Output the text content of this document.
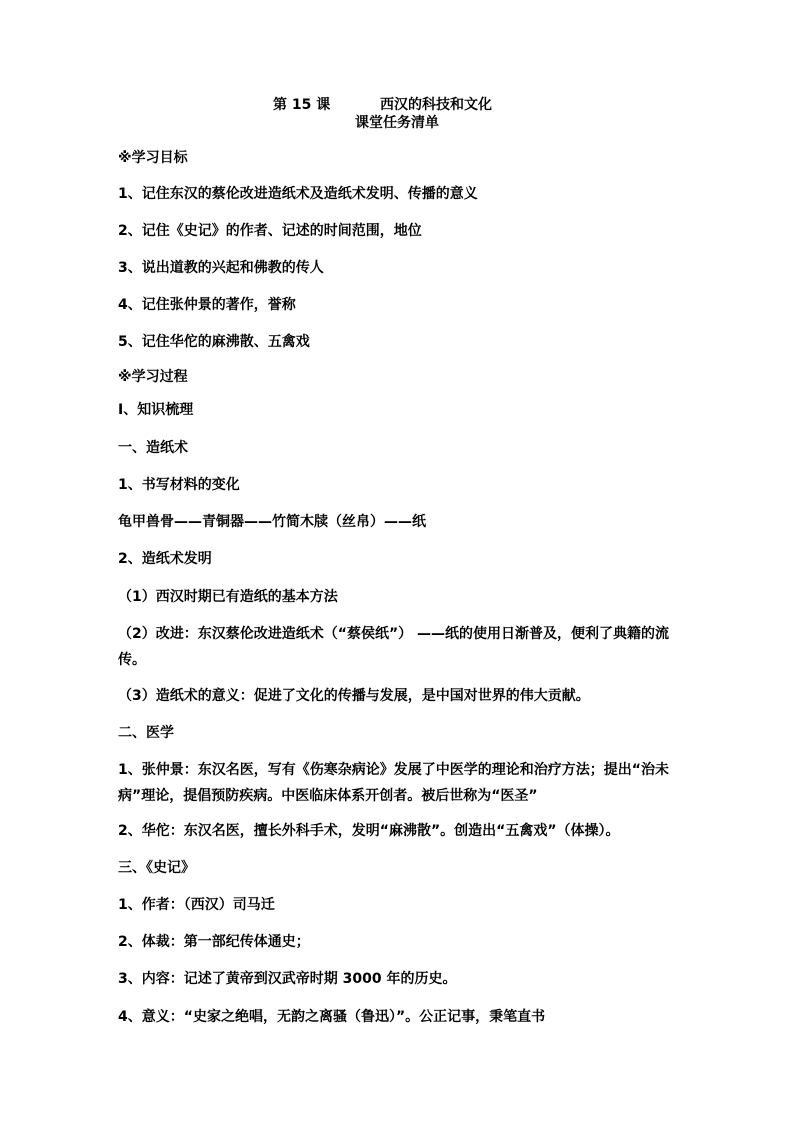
第 15 课	西汉的科技和文化
课堂任务清单
※学习目标
1、记住东汉的蔡伦改进造纸术及造纸术发明、传播的意义
2、记住《史记》的作者、记述的时间范围，地位
3、说出道教的兴起和佛教的传人
4、记住张仲景的著作，誉称
5、记住华佗的麻沸散、五禽戏
※学习过程
Ⅰ、知识梳理
一、造纸术
1、书写材料的变化
龟甲兽骨——青铜器——竹简木牍（丝帛）——纸
2、造纸术发明
（1）西汉时期已有造纸的基本方法
（2）改进：东汉蔡伦改进造纸术（“蔡侯纸”） ——纸的使用日渐普及，便利了典籍的流传。
（3）造纸术的意义：促进了文化的传播与发展，是中国对世界的伟大贡献。
二、医学
1、张仲景：东汉名医，写有《伤寒杂病论》发展了中医学的理论和治疗方法；提出“治未病”理论，提倡预防疾病。中医临床体系开创者。被后世称为“医圣”
2、华佗：东汉名医，擅长外科手术，发明“麻沸散”。创造出“五禽戏”（体操）。
三、《史记》
1、作者：（西汉）司马迁
2、体裁：第一部纪传体通史；
3、内容：记述了黄帝到汉武帝时期 3000 年的历史。
4、意义：“史家之绝唱，无韵之离骚（鲁迅）”。公正记事，秉笔直书
